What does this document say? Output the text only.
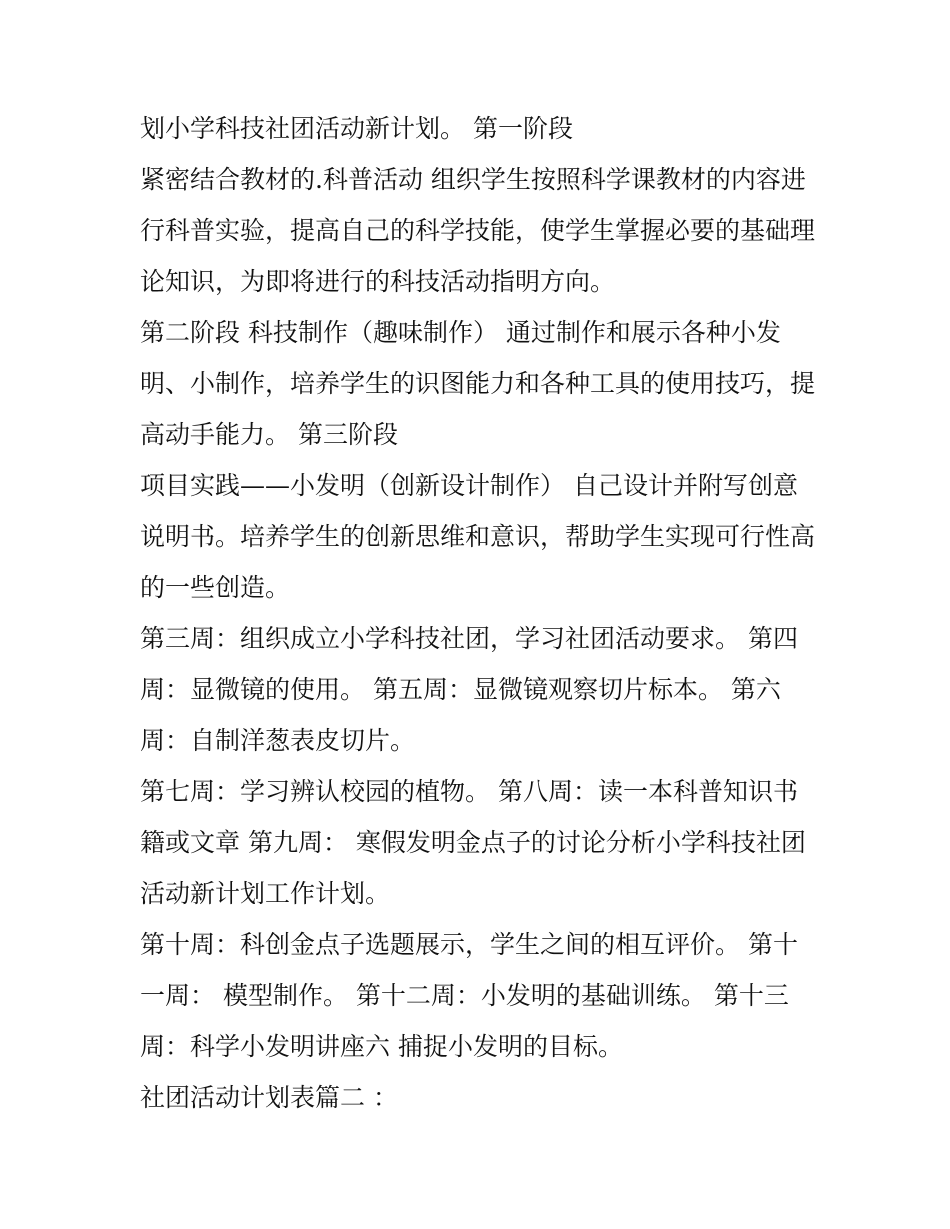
划小学科技社团活动新计划。 第一阶段
紧密结合教材的.科普活动 组织学生按照科学课教材的内容进
行科普实验，提高自己的科学技能，使学生掌握必要的基础理
论知识，为即将进行的科技活动指明方向。
第二阶段 科技制作（趣味制作） 通过制作和展示各种小发
明、小制作，培养学生的识图能力和各种工具的使用技巧，提
高动手能力。 第三阶段
项目实践——小发明（创新设计制作） 自己设计并附写创意
说明书。培养学生的创新思维和意识，帮助学生实现可行性高
的一些创造。
第三周：组织成立小学科技社团，学习社团活动要求。 第四
周：显微镜的使用。 第五周：显微镜观察切片标本。 第六
周：自制洋葱表皮切片。
第七周：学习辨认校园的植物。 第八周：读一本科普知识书
籍或文章 第九周： 寒假发明金点子的讨论分析小学科技社团
活动新计划工作计划。
第十周：科创金点子选题展示，学生之间的相互评价。 第十
一周： 模型制作。 第十二周：小发明的基础训练。 第十三
周：科学小发明讲座六 捕捉小发明的目标。
社团活动计划表篇二 ：
